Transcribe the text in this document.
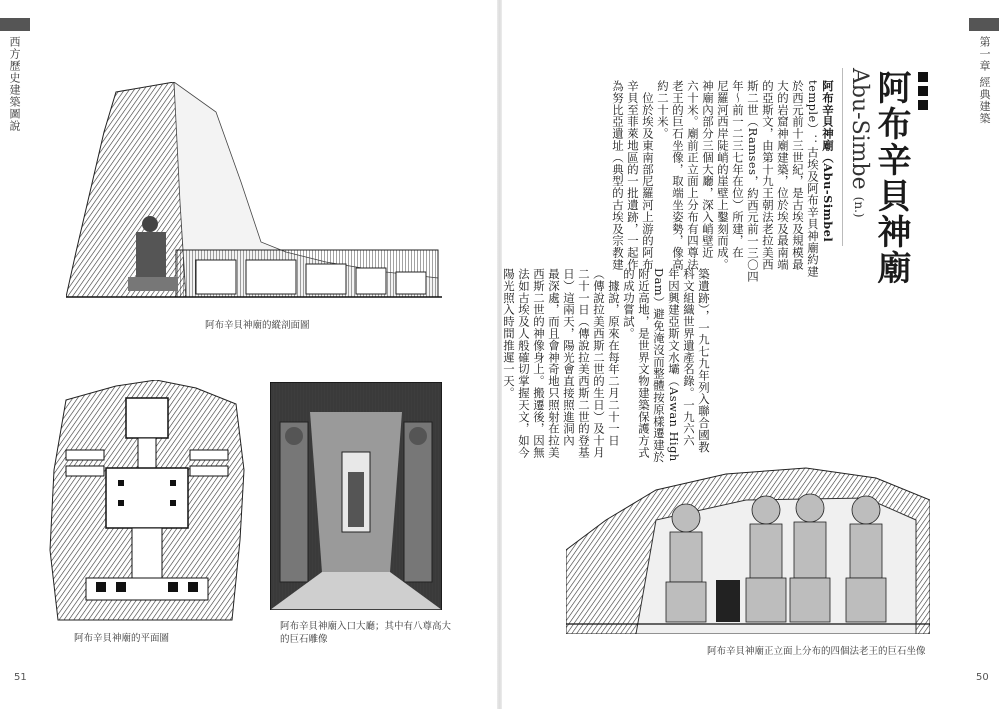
西方歷史建築圖說
51
阿布辛貝神廟的縱剖面圖
阿布辛貝神廟的平面圖
阿布辛貝神廟入口大廳；其中有八尊高大
的巨石雕像
築遺跡），一九七九年列入聯合國教
科文組織世界遺產名錄。一九六六
年因興建亞斯文水壩（Aswan High
Dam）避免淹沒而整體按原樣遷建於
附近高地，是世界文物建築保護方式
的成功嘗試。
　據說，原來在每年二月二十一日
（傳說拉美西斯二世的生日）及十月
二十一日（傳說拉美西斯二世的登基
日）這兩天，陽光會直接照進洞內
最深處，而且會神奇地只照射在拉美
西斯二世的神像身上。搬遷後，因無
法如古埃及人般確切掌握天文，如今
陽光照入時間推遲一天。
第一章 經典建築
50
阿布辛貝神廟
Abu-Simbe (n.)
阿布辛貝神廟（Abu-Simbel
temple）：古埃及阿布辛貝神廟約建
於西元前十三世紀，是古埃及規模最
大的岩窟神廟建築，位於埃及最南端
的亞斯文，由第十九王朝法老拉美西
斯二世（Ramses，約西元前一三〇四
年～前一二三七年在位）所建，在
尼羅河西岸陡峭的崖壁上鑿刻而成。
神廟內部分三個大廳，深入峭壁近
六十米。廟前正立面上分布有四尊法
老王的巨石坐像，取端坐姿勢，像高
約二十米。
　位於埃及東南部尼羅河上游的阿布
辛貝至菲萊地區的一批遺跡，一起作
為努比亞遺址（典型的古埃及宗教建
阿布辛貝神廟正立面上分布的四個法老王的巨石坐像
